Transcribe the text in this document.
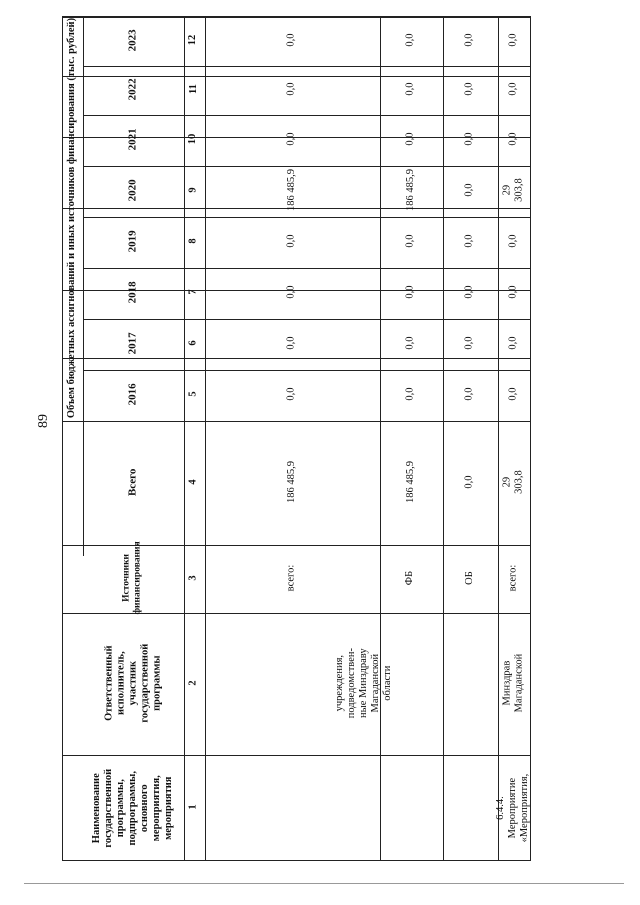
89
Наименование
государственной
программы,
подпрограммы,
основного
мероприятия,
мероприятия
Ответственный
исполнитель,
участник
государственной
программы
Источники
финансирования
Всего
Объем бюджетных ассигнований и иных источников финансирования (тыс. рублей)	2016
2017
2018
2019
2020
2021
2022
2023
1
2
3
4
5
6
7
8
9
10
11
12
всего:
186 485,9
0,0
0,0
0,0
0,0
186 485,9
0,0
0,0
0,0
ФБ
186 485,9
0,0
0,0
0,0
0,0
186 485,9
0,0
0,0
0,0
ОБ
0,0
0,0
0,0
0,0
0,0
0,0
0,0
0,0
0,0
учреждения,
подведомствен-
ные Минздраву
Магаданской
области
6.4.4. Мероприятие
«Мероприятия,
Минздрав
Магаданской
всего:
29 303,8
0,0
0,0
0,0
0,0
29 303,8
0,0
0,0
0,0
